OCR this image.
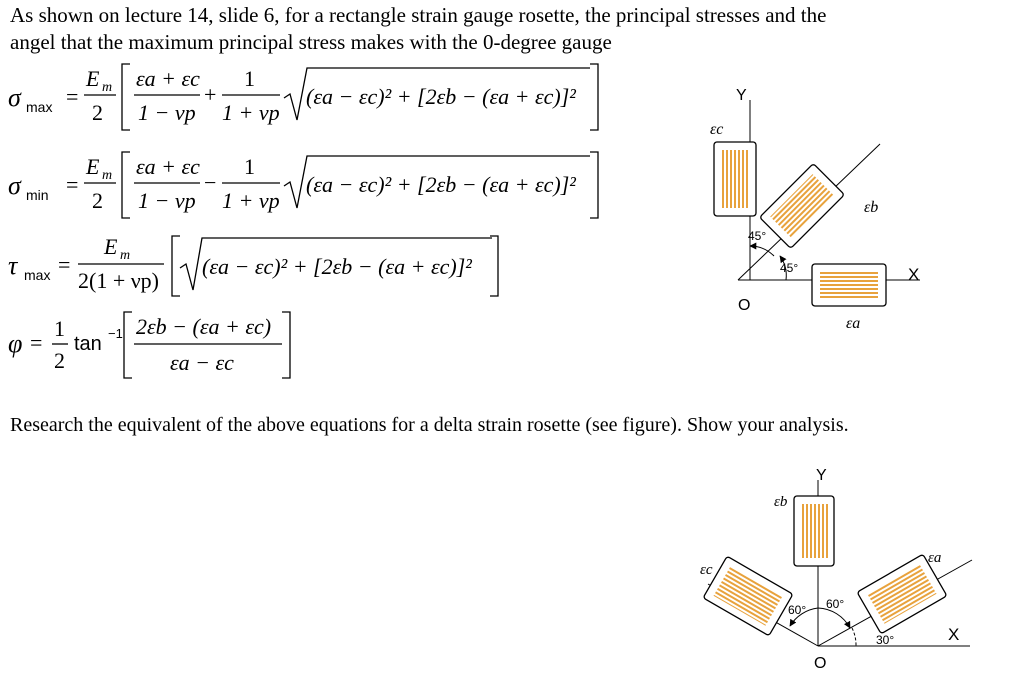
As shown on lecture 14, slide 6, for a rectangle strain gauge rosette, the principal stresses and the
angel that the maximum principal stress makes with the 0-degree gauge
σ max =
E m
2
εa + εc
1 − νp
+
1
1 + νp
(εa − εc)² + [2εb − (εa + εc)]²
σ min =
E m
2
εa + εc
1 − νp
−
1
1 + νp
(εa − εc)² + [2εb − (εa + εc)]²
τ max =
E m
2(1 + νp)
(εa − εc)² + [2εb − (εa + εc)]²
φ =
1
2
tan −1 2εb − (εa + εc)
εa − εc
Y
X
O
εc
εb
εa
45°
45°
Research the equivalent of the above equations for a delta strain rosette (see figure). Show your analysis.
Y
X
O
εb
εa
εc
60° 60°
30°
